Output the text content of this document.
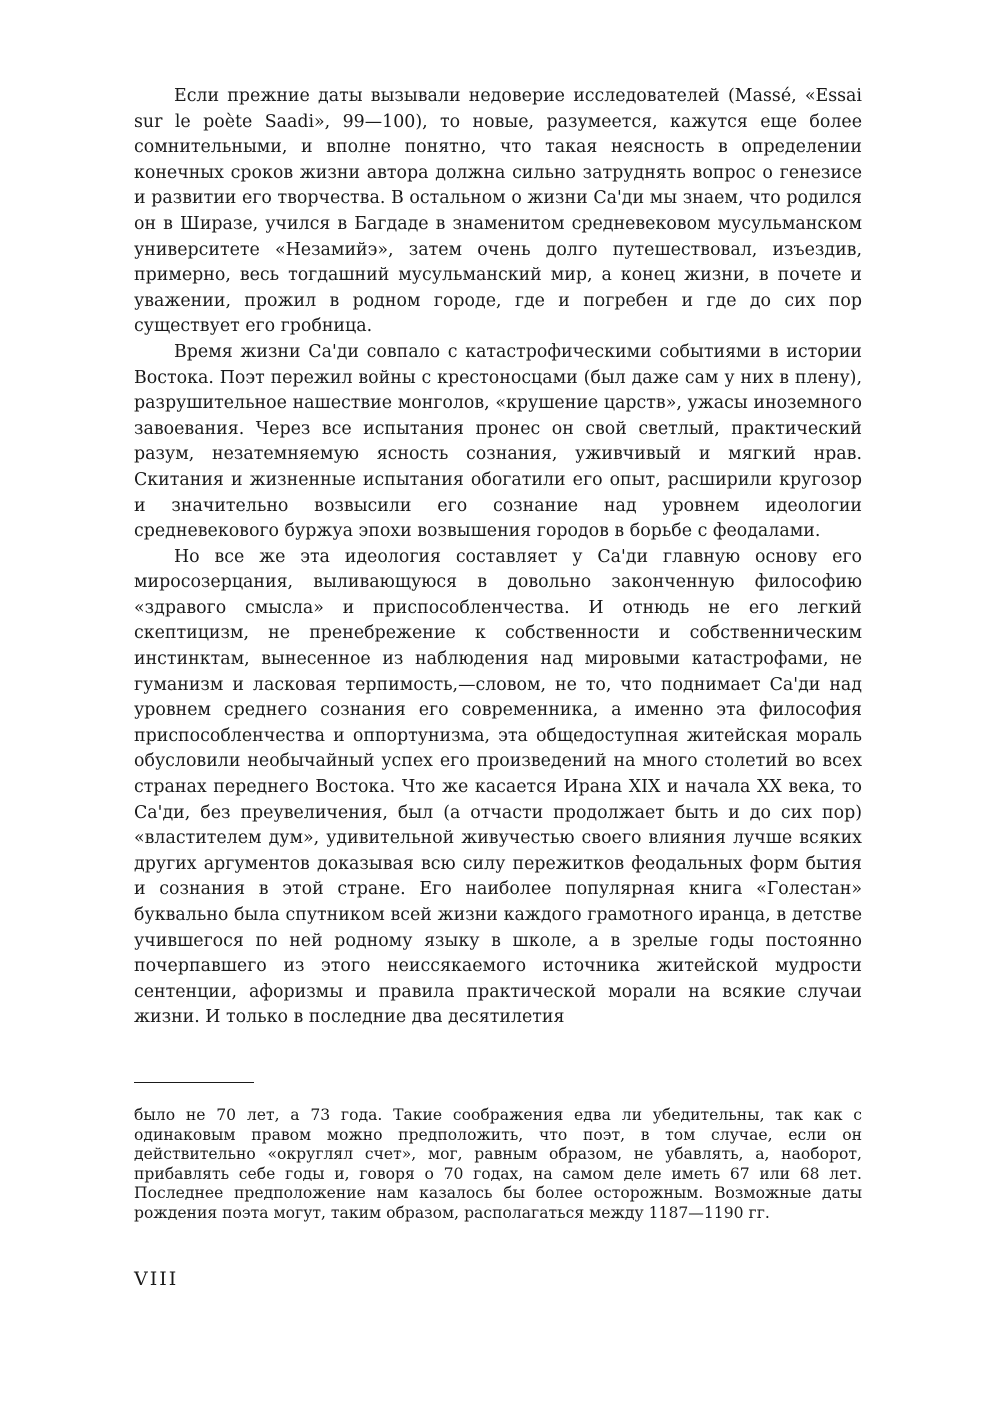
Если прежние даты вызывали недоверие исследователей (Massé, «Essai sur le poète Saadi», 99—100), то новые, разумеется, кажутся еще более сомнительными, и вполне понятно, что такая неясность в определении конечных сроков жизни автора должна сильно затруднять вопрос о генезисе и развитии его творчества. В остальном о жизни Са'ди мы знаем, что родился он в Ширазе, учился в Багдаде в знаменитом средневековом мусульманском университете «Незамийэ», затем очень долго путешествовал, изъездив, примерно, весь тогдашний мусульманский мир, а конец жизни, в почете и уважении, прожил в родном городе, где и погребен и где до сих пор существует его гробница.

Время жизни Са'ди совпало с катастрофическими событиями в истории Востока. Поэт пережил войны с крестоносцами (был даже сам у них в плену), разрушительное нашествие монголов, «крушение царств», ужасы иноземного завоевания. Через все испытания пронес он свой светлый, практический разум, незатемняемую ясность сознания, уживчивый и мягкий нрав. Скитания и жизненные испытания обогатили его опыт, расширили кругозор и значительно возвысили его сознание над уровнем идеологии средневекового буржуа эпохи возвышения городов в борьбе с феодалами.

Но все же эта идеология составляет у Са'ди главную основу его миросозерцания, выливающуюся в довольно законченную философию «здравого смысла» и приспособленчества. И отнюдь не его легкий скептицизм, не пренебрежение к собственности и собственническим инстинктам, вынесенное из наблюдения над мировыми катастрофами, не гуманизм и ласковая терпимость,—словом, не то, что поднимает Са'ди над уровнем среднего сознания его современника, а именно эта философия приспособленчества и оппортунизма, эта общедоступная житейская мораль обусловили необычайный успех его произведений на много столетий во всех странах переднего Востока. Что же касается Ирана XIX и начала XX века, то Са'ди, без преувеличения, был (а отчасти продолжает быть и до сих пор) «властителем дум», удивительной живучестью своего влияния лучше всяких других аргументов доказывая всю силу пережитков феодальных форм бытия и сознания в этой стране. Его наиболее популярная книга «Голестан» буквально была спутником всей жизни каждого грамотного иранца, в детстве учившегося по ней родному языку в школе, а в зрелые годы постоянно почерпавшего из этого неиссякаемого источника житейской мудрости сентенции, афоризмы и правила практической морали на всякие случаи жизни. И только в последние два десятилетия

было не 70 лет, а 73 года. Такие соображения едва ли убедительны, так как с одинаковым правом можно предположить, что поэт, в том случае, если он действительно «округлял счет», мог, равным образом, не убавлять, а, наоборот, прибавлять себе годы и, говоря о 70 годах, на самом деле иметь 67 или 68 лет. Последнее предположение нам казалось бы более осторожным. Возможные даты рождения поэта могут, таким образом, располагаться между 1187—1190 гг.

VIII
